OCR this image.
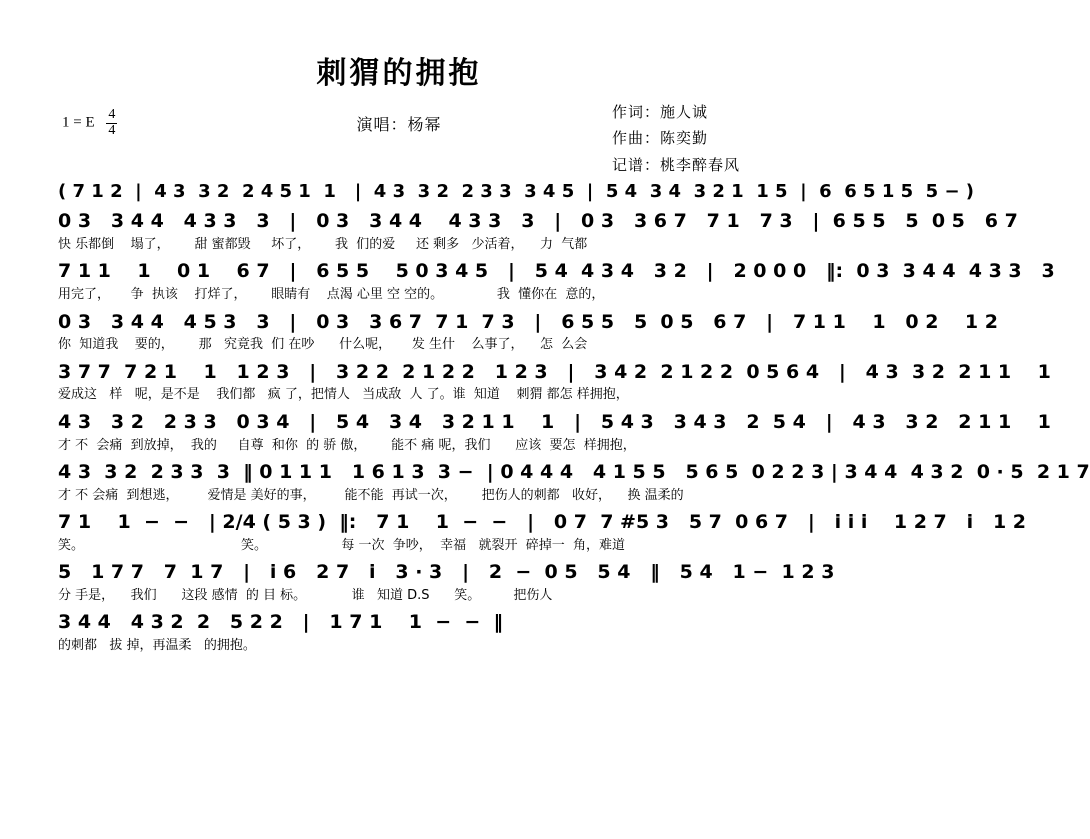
刺猬的拥抱
1 = E $\frac{4}{4}$	演唱：杨幂
作词：施人诚
作曲：陈奕勤
记谱：桃李醉春风
( 7 1 2  |  4 3  3 2  2 4 5 1  1   |  4 3  3 2  2 3 3  3 4 5  |  5 4  3 4  3 2 1  1 5  |  6  6 5 1 5  5 − )
0 3   3 4 4   4 3 3   3   |   0 3   3 4 4    4 3 3   3   |   0 3   3 6 7   7 1   7 3   |  6 5 5   5  0 5   6 7
快 乐都倒    塌了，      甜 蜜都毁     坏了，      我  们的爱     还 剩多   少活着，    力  气都
7 1 1    1    0 1    6 7   |   6 5 5    5 0 3 4 5   |   5 4  4 3 4   3 2   |   2 0 0 0   ‖:  0 3  3 4 4  4 3 3   3
用完了，     争  执该    打烊了，      眼睛有    点渴 心里 空 空的。             我  懂你在  意的，
0 3   3 4 4   4 5 3   3   |   0 3   3 6 7  7 1  7 3   |   6 5 5   5  0 5   6 7   |   7 1 1    1   0 2    1 2
你  知道我    要的，      那   究竟我  们 在吵      什么呢，     发 生什    么事了，    怎  么会
3 7 7  7 2 1    1   1 2 3   |   3 2 2  2 1 2 2   1 2 3   |   3 4 2  2 1 2 2  0 5 6 4   |   4 3  3 2  2 1 1    1
爱成这   样   呢，是不是    我们都   疯 了，把情人   当成敌  人 了。谁  知道    刺猬 都怎 样拥抱，
4 3   3 2   2 3 3   0 3 4   |   5 4   3 4   3 2 1 1    1   |   5 4 3   3 4 3   2  5 4   |   4 3   3 2   2 1 1    1
才 不  会痛  到放掉，  我的     自尊  和你  的 骄 傲，      能不 痛 呢，我们      应该  要怎  样拥抱，
4 3  3 2  2 3 3  3  ‖ 0 1 1 1   1 6 1 3  3 −  | 0 4 4 4   4 1 5 5   5 6 5  0 2 2 3 | 3 4 4  4 3 2  0 · 5  2 1 7
才 不 会痛  到想逃，       爱情是 美好的事，       能不能  再试一次，      把伤人的刺都   收好，    换 温柔的
7 1    1  −  −   | 2/4 ( 5 3 )  ‖:   7 1    1  −  −   |   0 7  7 #5 3   5 7  0 6 7   |   i i i    1 2 7   i   1 2
笑。                                      笑。                  每 一次  争吵，  幸福   就裂开  碎掉一  角，难道
5   1 7 7   7  1 7   |   i 6   2 7   i   3 · 3   |   2  −  0 5   5 4   ‖   5 4   1 −  1 2 3
分 手是，    我们      这段 感情  的 目 标。           谁   知道 D.S      笑。        把伤人
3 4 4   4 3 2  2   5 2 2   |   1 7 1    1  −  −  ‖
的刺都   拔 掉，再温柔   的拥抱。
